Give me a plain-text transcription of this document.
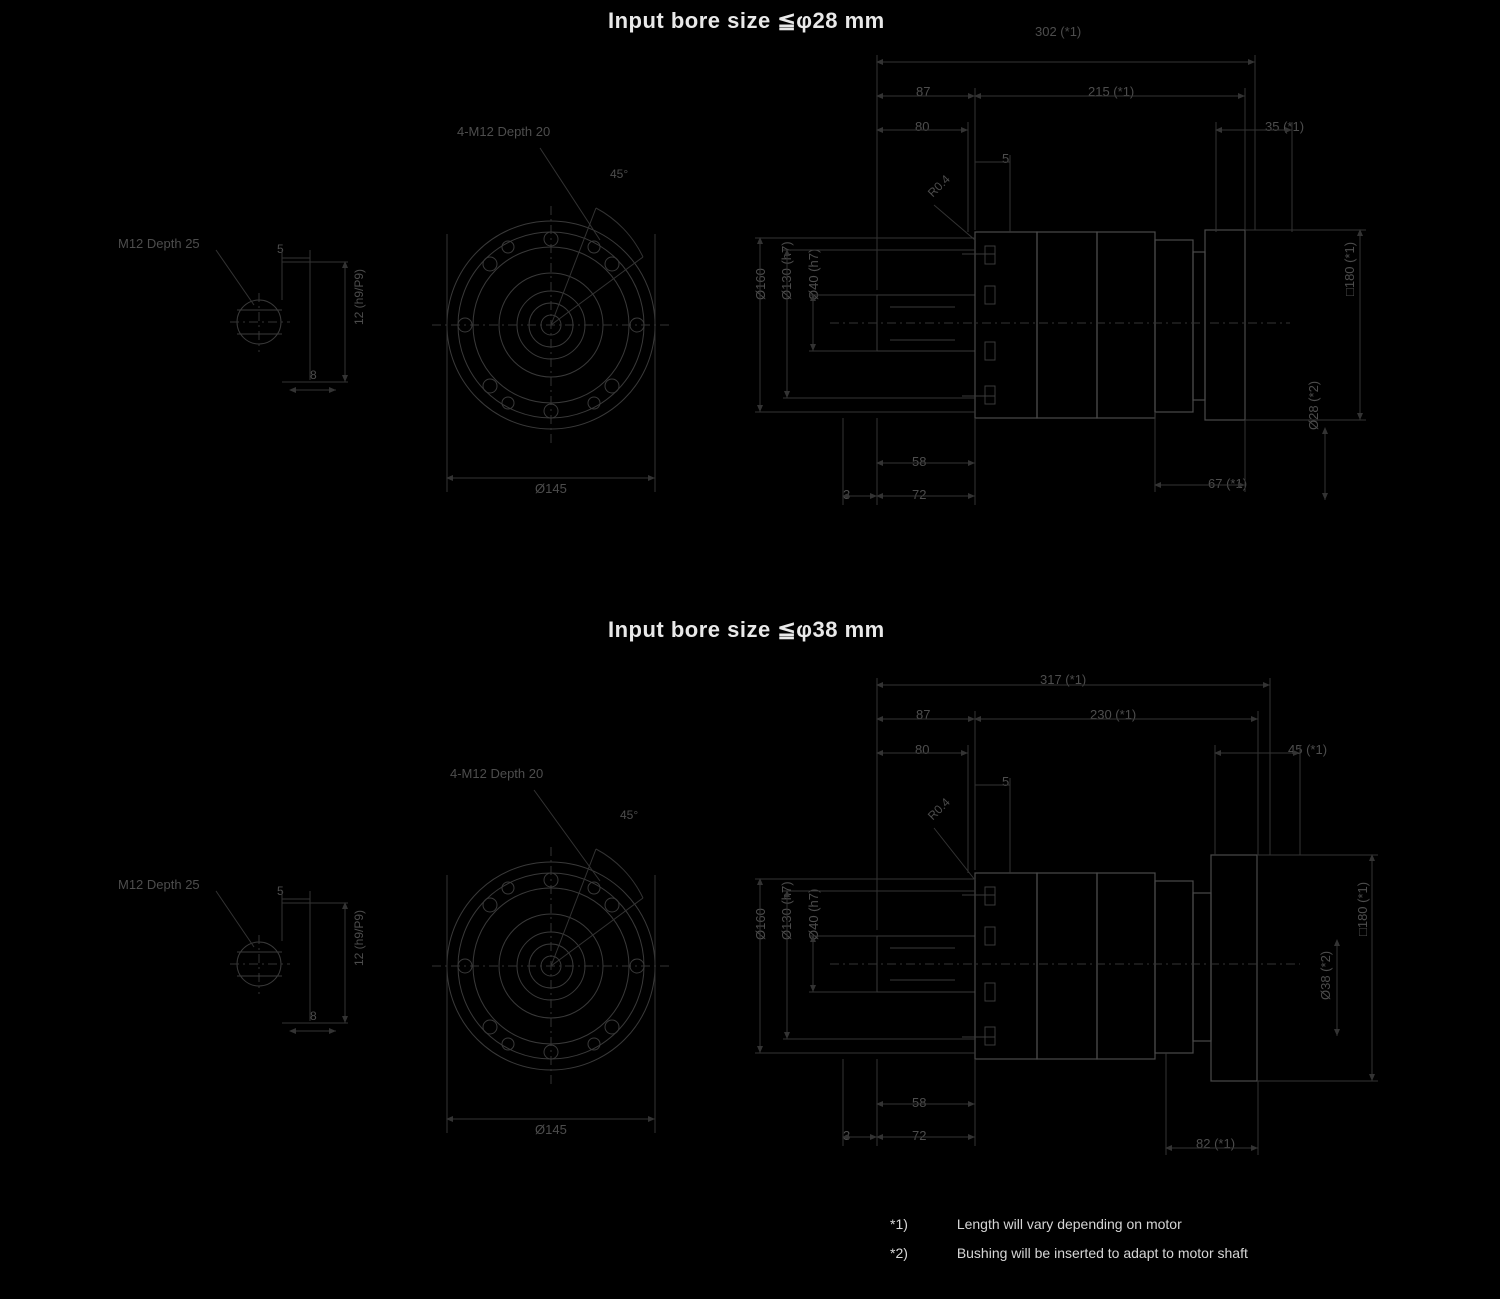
Input bore size ≦φ28 mm
M12 Depth 25	5
12 (h9/P9)
8
4-M12 Depth 20
45°
Ø145
302 (*1)
215 (*1)
87
80	35 (*1)
5
R0.4
Ø160 Ø130 (h7) Ø40 (h7)
3	72
58
67 (*1)
□180 (*1)
Ø28 (*2)
Input bore size ≦φ38 mm
M12 Depth 25	5
12 (h9/P9)
8
4-M12 Depth 20
45°
Ø145
317 (*1)
230 (*1)
87
80	45 (*1)
5
R0.4
Ø160 Ø130 (h7) Ø40 (h7)
3	72
58
82 (*1)
□180 (*1)
Ø38 (*2)
*1)	Length will vary depending on motor
*2)	Bushing will be inserted to adapt to motor shaft
